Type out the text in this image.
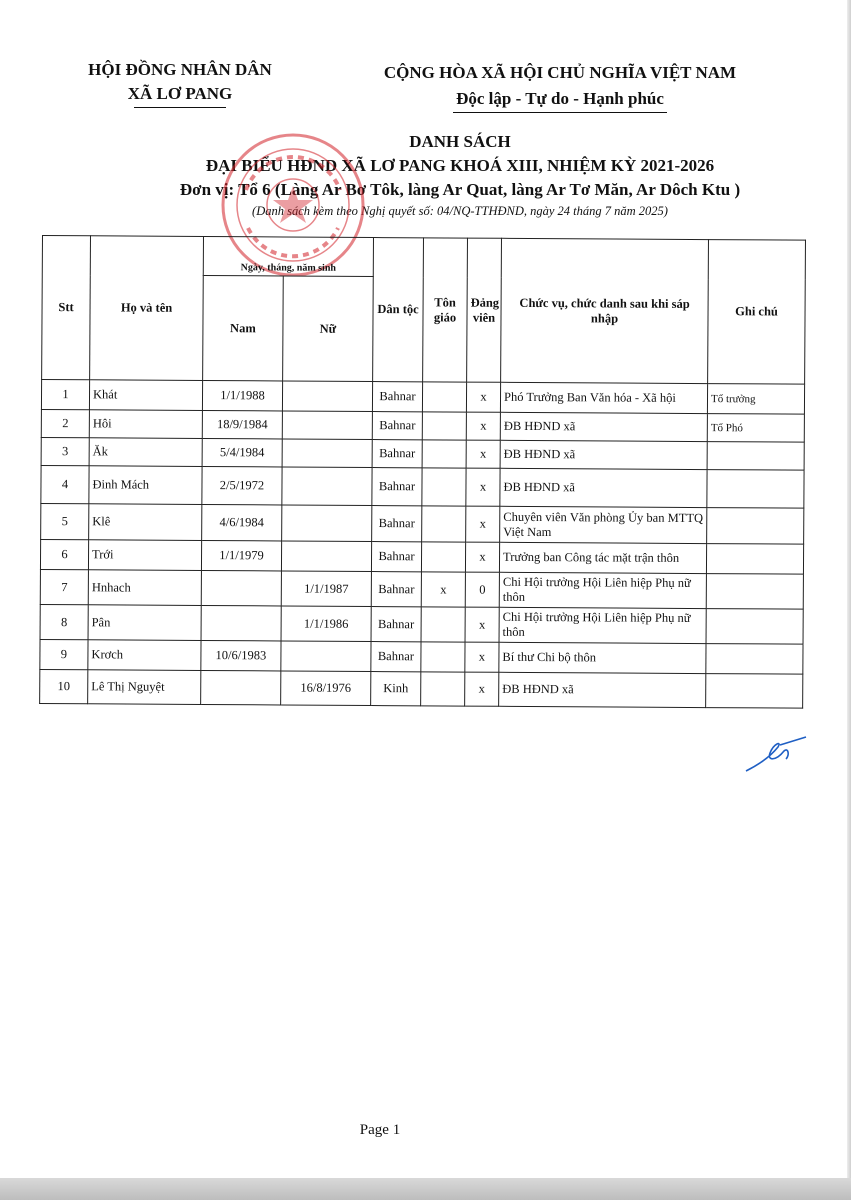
HỘI ĐỒNG NHÂN DÂN
XÃ LƠ PANG
CỘNG HÒA XÃ HỘI CHỦ NGHĨA VIỆT NAM
Độc lập - Tự do - Hạnh phúc
DANH SÁCH
ĐẠI BIỂU HĐND XÃ LƠ PANG KHOÁ XIII, NHIỆM KỲ 2021-2026
Đơn vị: Tổ 6 (Làng Ar Bơ Tôk, làng Ar Quat, làng Ar Tơ Măn, Ar Dôch Ktu )
(Danh sách kèm theo Nghị quyết số: 04/NQ-TTHĐND, ngày 24 tháng 7 năm 2025)
Stt	Họ và tên	Ngày, tháng, năm sinh		Dân tộc	Tôn giáo	Đảng viên	Chức vụ, chức danh sau khi sáp nhập	Ghi chú
		Nam	Nữ					
1	Khát	1/1/1988		Bahnar		x	Phó Trưởng Ban Văn hóa - Xã hội	Tổ trưởng
2	Hôi	18/9/1984		Bahnar		x	ĐB HĐND xã	Tổ Phó
3	Ăk	5/4/1984		Bahnar		x	ĐB HĐND xã	
4	Đinh Mách	2/5/1972		Bahnar		x	ĐB HĐND xã	
5	Klê	4/6/1984		Bahnar		x	Chuyên viên Văn phòng Ủy ban MTTQ Việt Nam	
6	Trới	1/1/1979		Bahnar		x	Trưởng ban Công tác mặt trận thôn	
7	Hnhach		1/1/1987	Bahnar	x	0	Chi Hội trưởng Hội Liên hiệp Phụ nữ thôn	
8	Pân		1/1/1986	Bahnar		x	Chi Hội trưởng Hội Liên hiệp Phụ nữ thôn	
9	Krơch	10/6/1983		Bahnar		x	Bí thư Chi bộ thôn	
10	Lê Thị Nguyệt		16/8/1976	Kinh		x	ĐB HĐND xã	
Page 1
